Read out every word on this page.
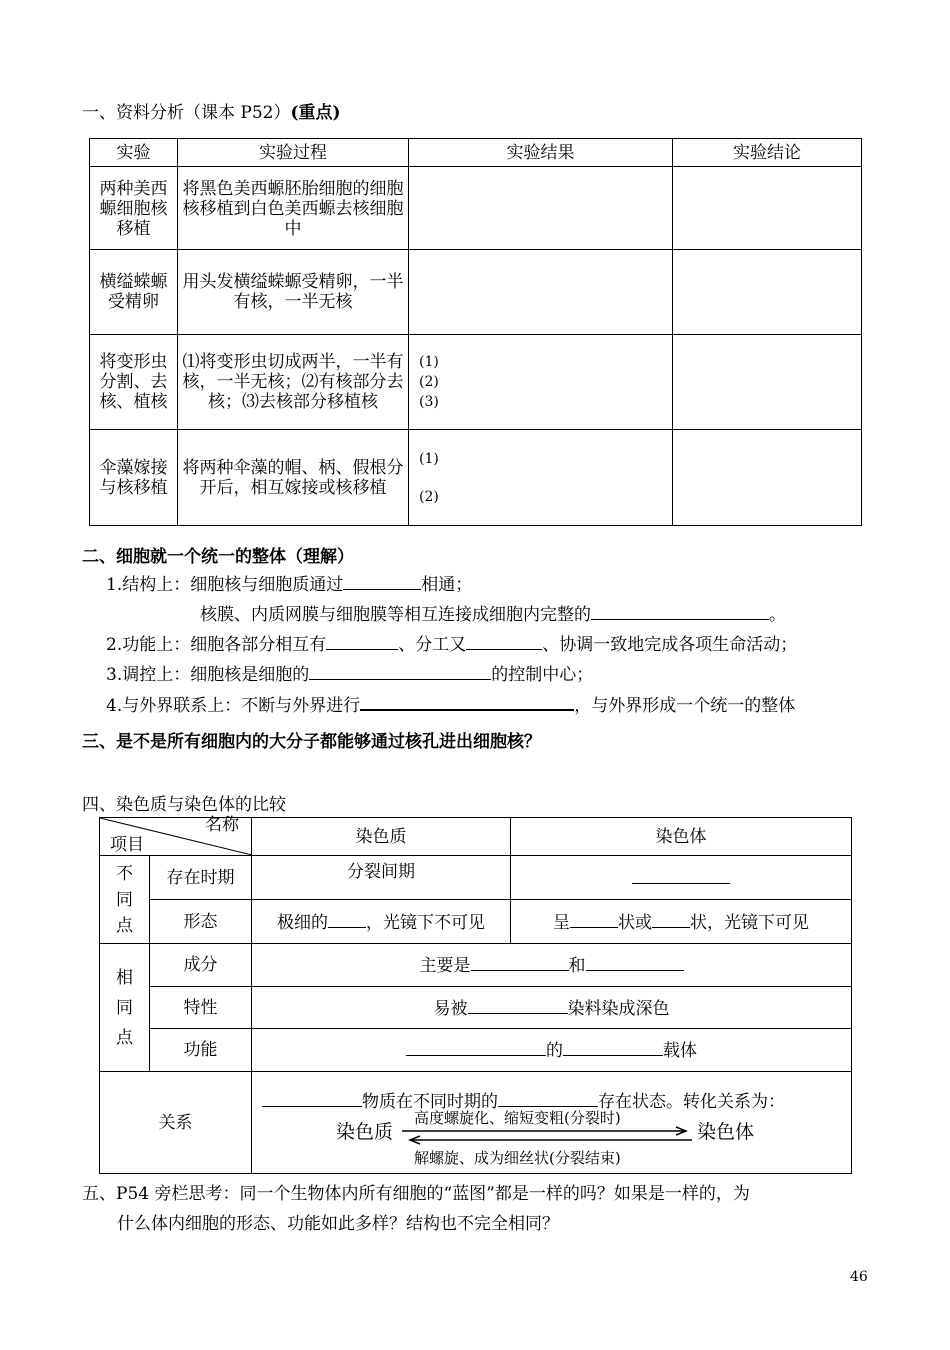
一、资料分析（课本 P52）(重点)
实验	实验过程	实验结果	实验结论

两种美西螈细胞核移植	将黑色美西螈胚胎细胞的细胞核移植到白色美西螈去核细胞中		

横缢蝾螈受精卵	用头发横缢蝾螈受精卵，一半有核，一半无核		

将变形虫分割、去核、植核	⑴将变形虫切成两半，一半有核，一半无核；⑵有核部分去核；⑶去核部分移植核	(1)
(2)
(3)	

伞藻嫁接与核移植	将两种伞藻的帽、柄、假根分开后，相互嫁接或核移植	(1)
(2)	

二、细胞就一个统一的整体（理解）
1.结构上：细胞核与细胞质通过	相通；
核膜、内质网膜与细胞膜等相互连接成细胞内完整的	。
2.功能上：细胞各部分相互有	、分工又	、协调一致地完成各项生命活动；
3.调控上：细胞核是细胞的	的控制中心；
4.与外界联系上：不断与外界进行	，与外界形成一个统一的整体
三、是不是所有细胞内的大分子都能够通过核孔进出细胞核？
四、染色质与染色体的比较
名称
项目		染色质	染色体

不同点	存在时期	分裂间期	
	形态	极细的 ，光镜下不可见	呈 状或 状，光镜下可见

相同点	成分	主要是 和	
	特性	易被 染料染成深色	
	功能	的 载体	
关系		物质在不同时期的 存在状态。转化关系为：
染色质
高度螺旋化、缩短变粗(分裂时)
染色体
解螺旋、成为细丝状(分裂结束)	
五、P54 旁栏思考：同一个生物体内所有细胞的“蓝图”都是一样的吗？如果是一样的，为
什么体内细胞的形态、功能如此多样？结构也不完全相同？
46
